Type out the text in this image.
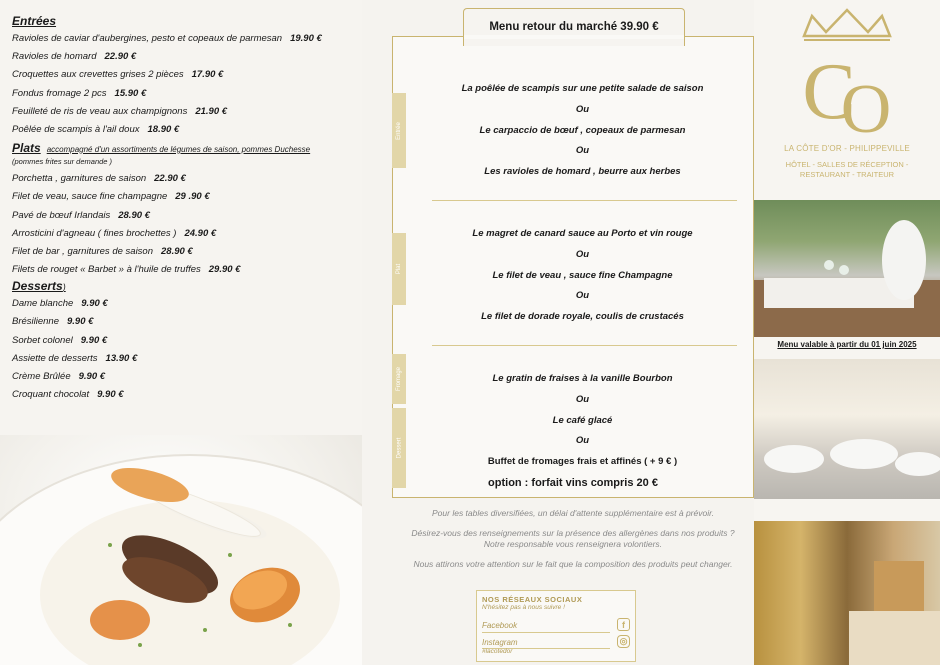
Entrées
Ravioles de caviar d'aubergines, pesto et copeaux de parmesan 19.90 €
Ravioles de homard 22.90 €
Croquettes aux crevettes grises 2 pièces 17.90 €
Fondus fromage 2 pcs 15.90 €
Feuilleté de ris de veau aux champignons 21.90 €
Poêlée de scampis à l'ail doux 18.90 €
Plats accompagné d'un assortiments de légumes de saison, pommes Duchesse
(pommes frites sur demande )
Porchetta , garnitures de saison 22.90 €
Filet de veau, sauce fine champagne 29 .90 €
Pavé de bœuf Irlandais 28.90 €
Arrosticini d'agneau ( fines brochettes ) 24.90 €
Filet de bar , garnitures de saison 28.90 €
Filets de rouget « Barbet » à l'huile de truffes 29.90 €
Desserts)
Dame blanche 9.90 €
Brésilienne 9.90 €
Sorbet colonel 9.90 €
Assiette de desserts 13.90 €
Crème Brûlée 9.90 €
Croquant chocolat 9.90 €
Menu retour du marché 39.90 €
Entrée
Plat
Fromage
Dessert
La poêlée de scampis sur une petite salade de saison
Ou
Le carpaccio de bœuf , copeaux de parmesan
Ou
Les ravioles de homard , beurre aux herbes
Le magret de canard sauce au Porto et vin rouge
Ou
Le filet de veau , sauce fine Champagne
Ou
Le filet de dorade royale, coulis de crustacés
Le gratin de fraises à la vanille Bourbon
Ou
Le café glacé
Ou
Buffet de fromages frais et affinés ( + 9 € )
option : forfait vins compris 20 €

Pour les tables diversifiées, un délai d'attente supplémentaire est à prévoir.

Désirez-vous des renseignements sur la présence des allergènes dans nos produits ?

Notre responsable vous renseignera volontiers.

Nous attirons votre attention sur le fait que la composition des produits peut changer.

NOS RÉSEAUX SOCIAUX
N'hésitez pas à nous suivre !
Facebook	f
Instagram
#lacotedor
◎
C
O
LA CÔTE D'OR - PHILIPPEVILLE
HÔTEL - SALLES DE RÉCEPTION -
RESTAURANT - TRAITEUR
Menu valable à partir du 01 juin 2025
